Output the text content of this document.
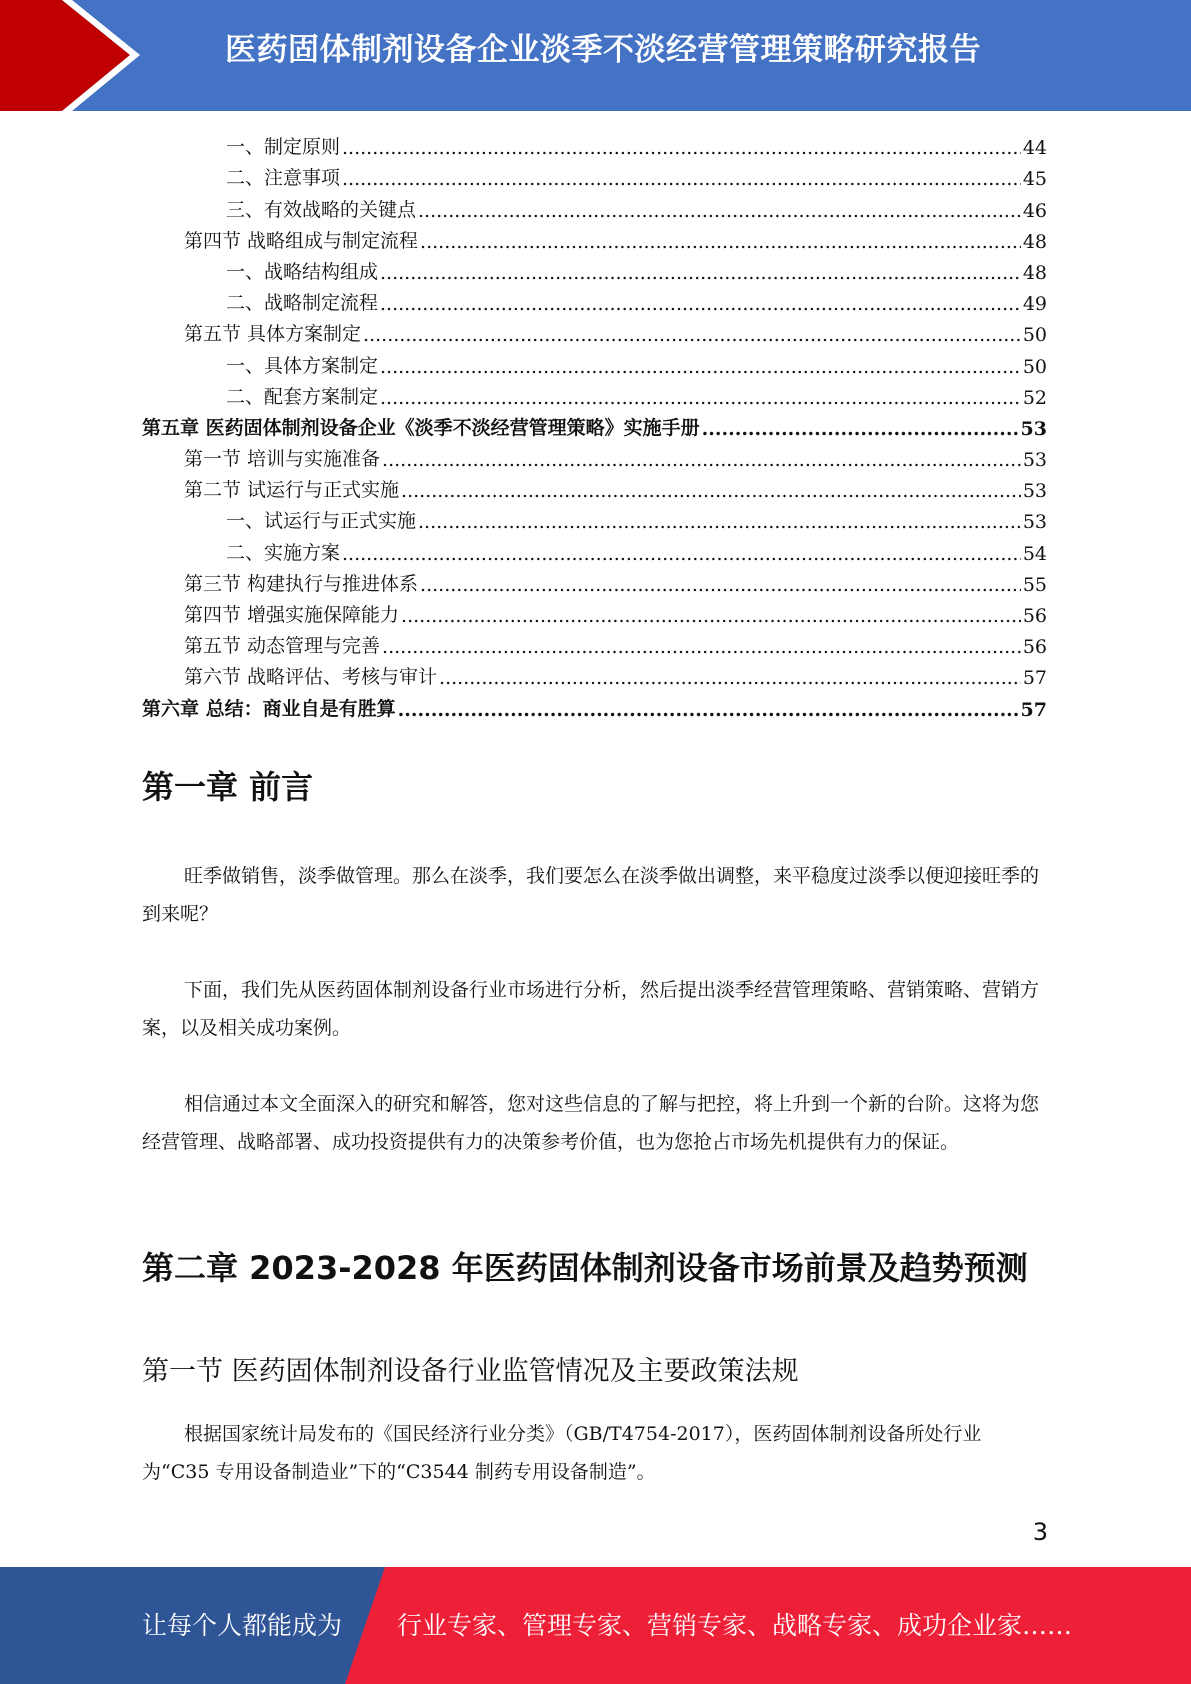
医药固体制剂设备企业淡季不淡经营管理策略研究报告
一、制定原则 .....	44
二、注意事项 .....	45
三、有效战略的关键点 .....	46
第四节 战略组成与制定流程 .....	48
一、战略结构组成 .....	48
二、战略制定流程 .....	49
第五节 具体方案制定 .....	50
一、具体方案制定 .....	50
二、配套方案制定 .....	52
第五章 医药固体制剂设备企业《淡季不淡经营管理策略》实施手册 .....	53
第一节 培训与实施准备 .....	53
第二节 试运行与正式实施 .....	53
一、试运行与正式实施 .....	53
二、实施方案 .....	54
第三节 构建执行与推进体系 .....	55
第四节 增强实施保障能力 .....	56
第五节 动态管理与完善 .....	56
第六节 战略评估、考核与审计 .....	57
第六章 总结：商业自是有胜算 .....	57
第一章 前言
旺季做销售，淡季做管理。那么在淡季，我们要怎么在淡季做出调整，来平稳度过淡季以便迎接旺季的到来呢？
下面，我们先从医药固体制剂设备行业市场进行分析，然后提出淡季经营管理策略、营销策略、营销方案，以及相关成功案例。
相信通过本文全面深入的研究和解答，您对这些信息的了解与把控，将上升到一个新的台阶。这将为您经营管理、战略部署、成功投资提供有力的决策参考价值，也为您抢占市场先机提供有力的保证。
第二章 2023-2028 年医药固体制剂设备市场前景及趋势预测
第一节 医药固体制剂设备行业监管情况及主要政策法规
根据国家统计局发布的《国民经济行业分类》（GB/T4754-2017），医药固体制剂设备所处行业为“C35 专用设备制造业”下的“C3544 制药专用设备制造”。
3
让每个人都能成为 行业专家、管理专家、营销专家、战略专家、成功企业家……
